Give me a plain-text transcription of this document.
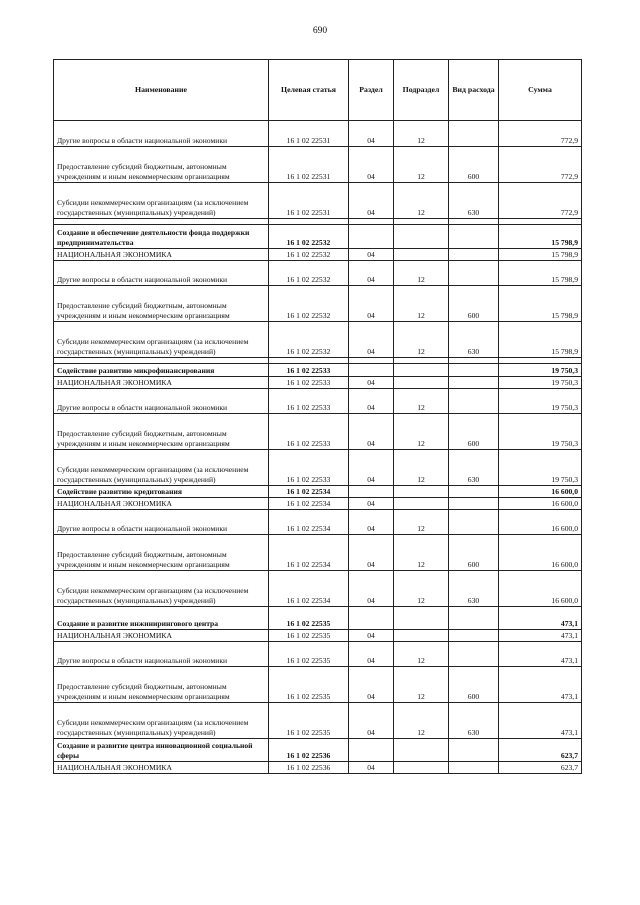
690
Наименование	Целевая статья	Раздел	Подраздел	Вид расхода	Сумма
Другие вопросы в области национальной экономики	16 1 02 22531	04	12		772,9
Предоставление субсидий бюджетным, автономным учреждениям и иным некоммерческим организациям	16 1 02 22531	04	12	600	772,9
Субсидии некоммерческим организациям (за исключением государственных (муниципальных) учреждений)	16 1 02 22531	04	12	630	772,9

Создание и обеспечение деятельности фонда поддержки предпринимательства	16 1 02 22532				15 798,9
НАЦИОНАЛЬНАЯ ЭКОНОМИКА	16 1 02 22532	04			15 798,9
Другие вопросы в области национальной экономики	16 1 02 22532	04	12		15 798,9
Предоставление субсидий бюджетным, автономным учреждениям и иным некоммерческим организациям	16 1 02 22532	04	12	600	15 798,9
Субсидии некоммерческим организациям (за исключением государственных (муниципальных) учреждений)	16 1 02 22532	04	12	630	15 798,9

Содействие развитию микрофинансирования	16 1 02 22533				19 750,3
НАЦИОНАЛЬНАЯ ЭКОНОМИКА	16 1 02 22533	04			19 750,3
Другие вопросы в области национальной экономики	16 1 02 22533	04	12		19 750,3
Предоставление субсидий бюджетным, автономным учреждениям и иным некоммерческим организациям	16 1 02 22533	04	12	600	19 750,3
Субсидии некоммерческим организациям (за исключением государственных (муниципальных) учреждений)	16 1 02 22533	04	12	630	19 750,3
Содействие развитию кредитования	16 1 02 22534				16 600,0
НАЦИОНАЛЬНАЯ ЭКОНОМИКА	16 1 02 22534	04			16 600,0
Другие вопросы в области национальной экономики	16 1 02 22534	04	12		16 600,0
Предоставление субсидий бюджетным, автономным учреждениям и иным некоммерческим организациям	16 1 02 22534	04	12	600	16 600,0
Субсидии некоммерческим организациям (за исключением государственных (муниципальных) учреждений)	16 1 02 22534	04	12	630	16 600,0
Создание и развитие инжинирингового центра	16 1 02 22535				473,1
НАЦИОНАЛЬНАЯ ЭКОНОМИКА	16 1 02 22535	04			473,1
Другие вопросы в области национальной экономики	16 1 02 22535	04	12		473,1
Предоставление субсидий бюджетным, автономным учреждениям и иным некоммерческим организациям	16 1 02 22535	04	12	600	473,1
Субсидии некоммерческим организациям (за исключением государственных (муниципальных) учреждений)	16 1 02 22535	04	12	630	473,1
Создание и развитие центра инновационной социальной сферы	16 1 02 22536				623,7
НАЦИОНАЛЬНАЯ ЭКОНОМИКА	16 1 02 22536	04			623,7
